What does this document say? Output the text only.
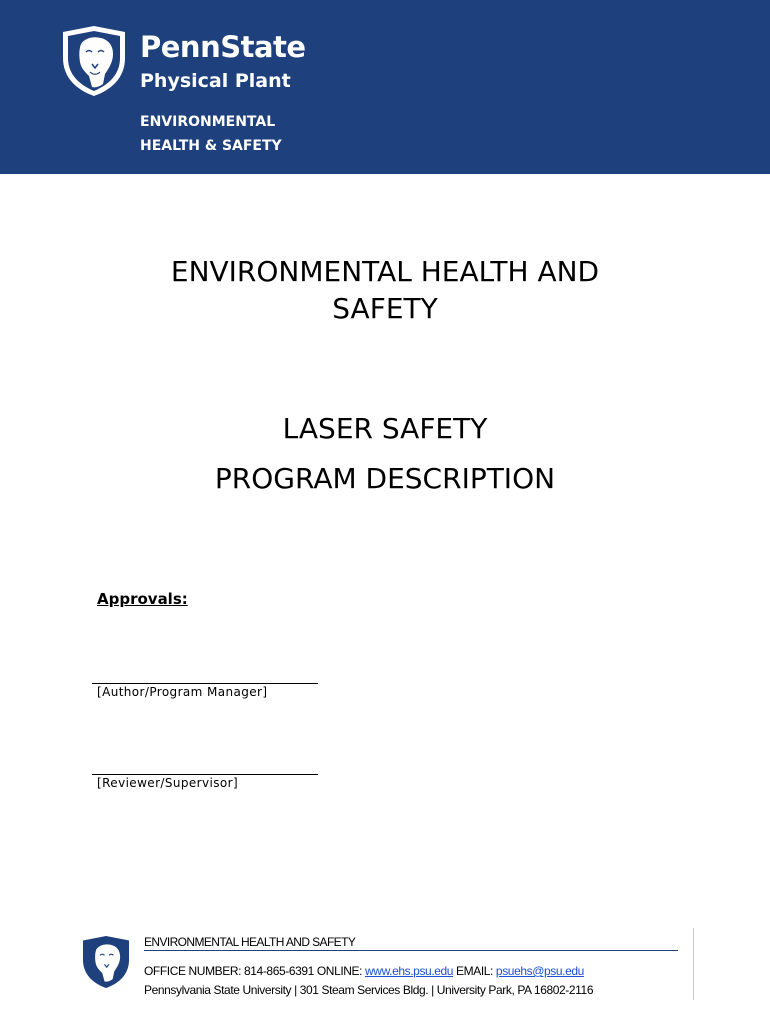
PennState
Physical Plant
ENVIRONMENTAL
HEALTH & SAFETY
ENVIRONMENTAL HEALTH AND
SAFETY
LASER SAFETY
PROGRAM DESCRIPTION
Approvals:
[Author/Program Manager]
[Reviewer/Supervisor]
ENVIRONMENTAL HEALTH AND SAFETY
OFFICE NUMBER: 814-865-6391 ONLINE: www.ehs.psu.edu EMAIL: psuehs@psu.edu
Pennsylvania State University | 301 Steam Services Bldg. | University Park, PA 16802-2116
